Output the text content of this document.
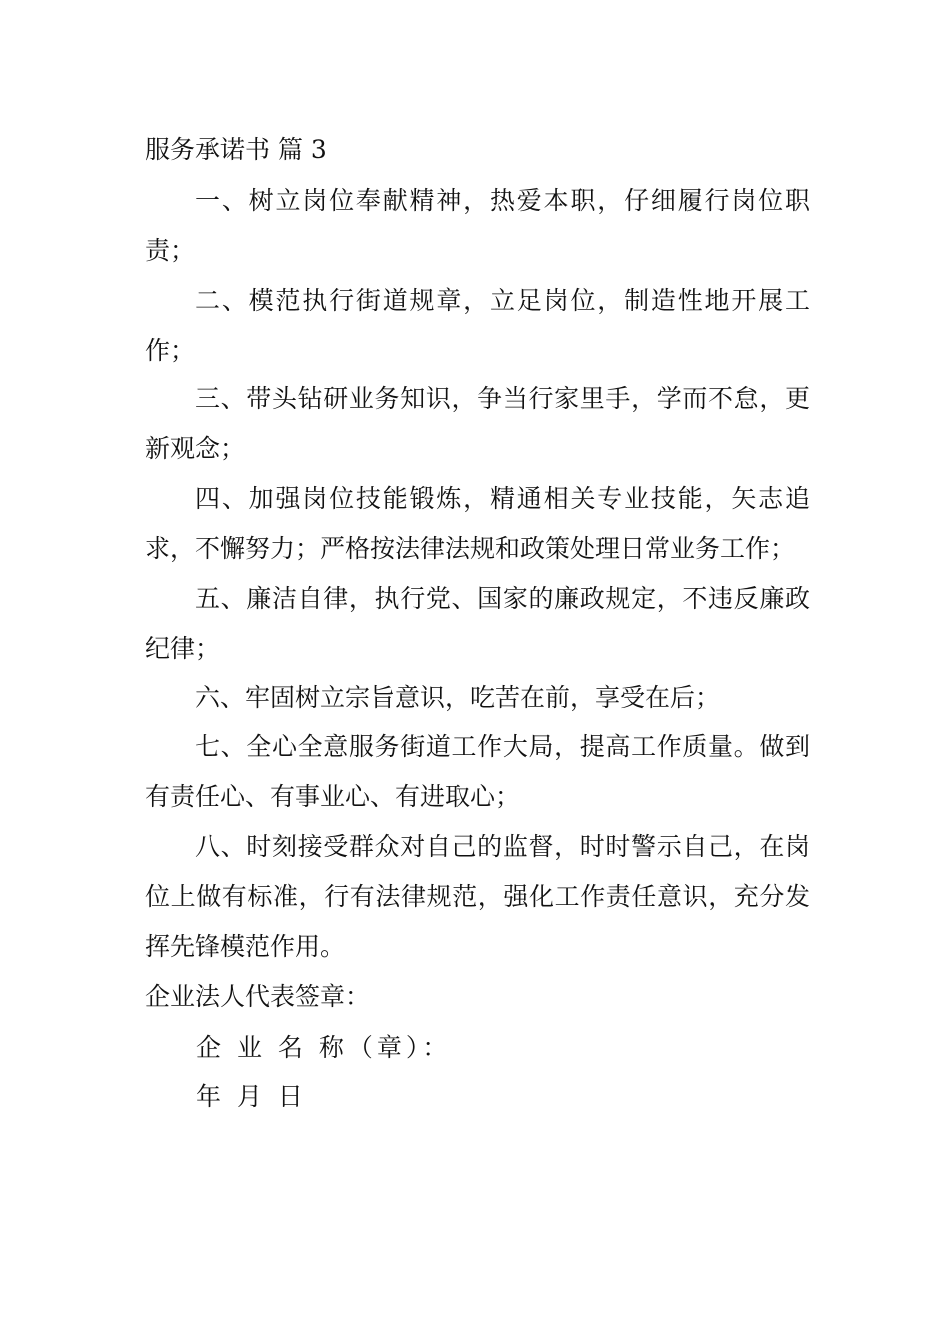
服务承诺书 篇 3
一、树立岗位奉献精神，热爱本职，仔细履行岗位职责；
二、模范执行街道规章，立足岗位，制造性地开展工作；
三、带头钻研业务知识，争当行家里手，学而不怠，更新观念；
四、加强岗位技能锻炼，精通相关专业技能，矢志追求，不懈努力；严格按法律法规和政策处理日常业务工作；
五、廉洁自律，执行党、国家的廉政规定，不违反廉政纪律；
六、牢固树立宗旨意识，吃苦在前，享受在后；
七、全心全意服务街道工作大局，提高工作质量。做到有责任心、有事业心、有进取心；
八、时刻接受群众对自己的监督，时时警示自己，在岗位上做有标准，行有法律规范，强化工作责任意识，充分发挥先锋模范作用。
企业法人代表签章：
企 业 名 称（章）：
年 月 日
